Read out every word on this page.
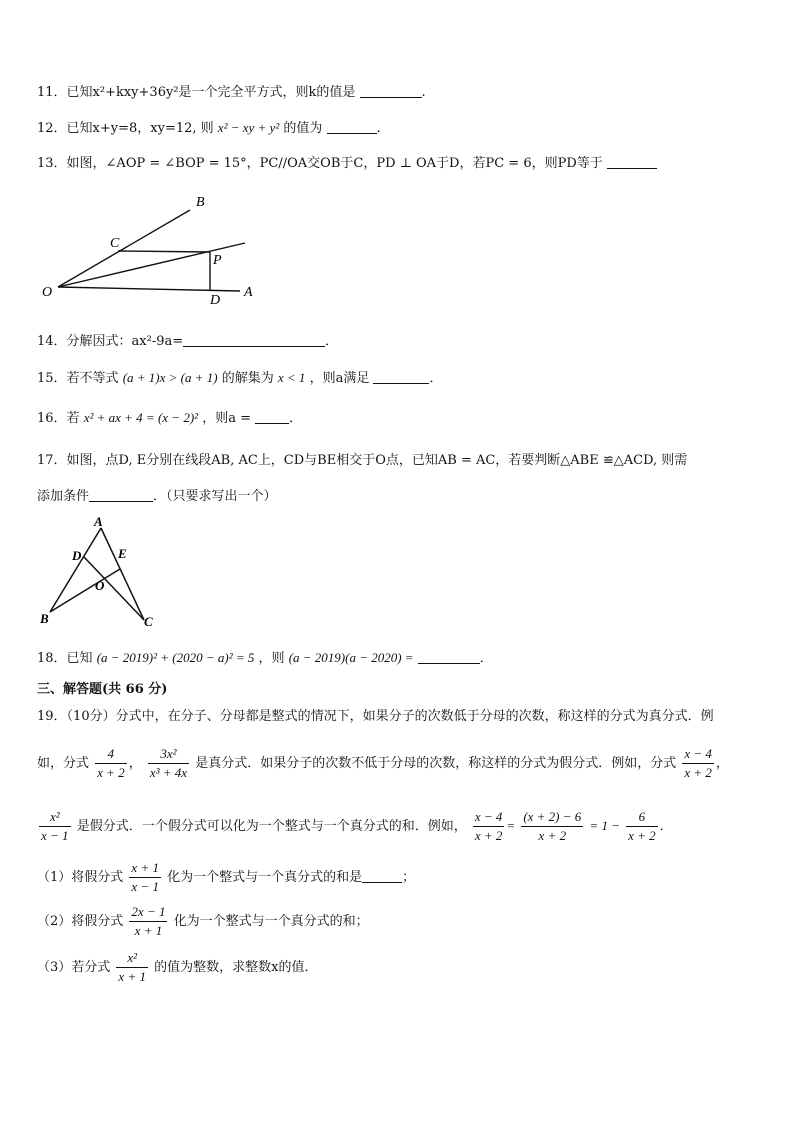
11．已知x²+kxy+36y²是一个完全平方式，则k的值是	.
12．已知x+y=8，xy=12, 则 x² − xy + y² 的值为	.
13．如图，∠AOP = ∠BOP = 15°，PC//OA交OB于C，PD ⊥ OA于D，若PC = 6，则PD等于
B
C
P
O
D
A
14．分解因式：ax²-9a=	．
15．若不等式 (a + 1)x > (a + 1) 的解集为 x < 1 ，则a满足	．
16．若 x² + ax + 4 = (x − 2)² ，则a =	．
17．如图，点D, E分别在线段AB, AC上，CD与BE相交于O点，已知AB = AC，若要判断△ABE ≌△ACD, 则需
添加条件	．（只要求写出一个）
A
D	E
O
B	C
18．已知 (a − 2019)² + (2020 − a)² = 5 ，则 (a − 2019)(a − 2020) =	．
三、解答题(共 66 分)
19．（10分）分式中，在分子、分母都是整式的情况下，如果分子的次数低于分母的次数，称这样的分式为真分式．例
如，分式 $\frac{4}{x + 2}$ ， $\frac{\text{3x²}}{\text{x³ + 4x}}$ 是真分式．如果分子的次数不低于分母的次数，称这样的分式为假分式．例如，分式 $\frac{x - 4}{x + 2}$ ，
$\frac{\text{x²}}{x - 1}$ 是假分式．一个假分式可以化为一个整式与一个真分式的和．例如， $\frac{x - 4}{x + 2} = \frac{(x + 2) - 6}{x + 2} = 1 - \frac{6}{x + 2}$ ．
（1）将假分式 $\frac{x + 1}{x - 1}$ 化为一个整式与一个真分式的和是	；
（2）将假分式 $\frac{2x - 1}{x + 1}$ 化为一个整式与一个真分式的和；
（3）若分式 $\frac{\text{x²}}{x + 1}$ 的值为整数，求整数x的值．
